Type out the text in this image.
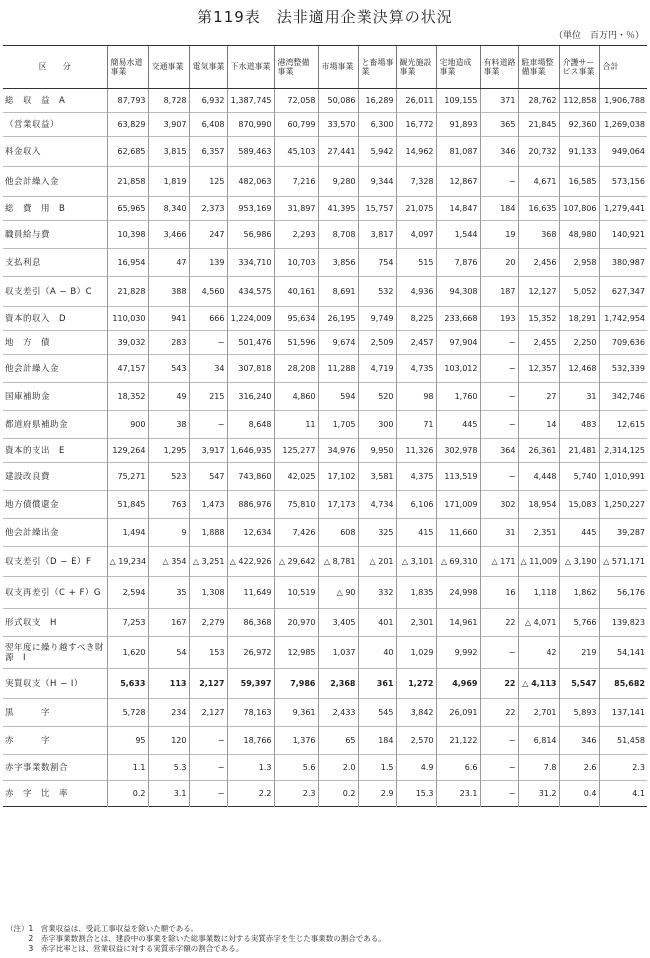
第119表　法非適用企業決算の状況
（単位　百万円・％）
区　　分	簡易水道事業	交通事業	電気事業	下水道事業	港湾整備事業	市場事業	と畜場事業	観光施設事業	宅地造成事業	有料道路事業	駐車場整備事業	介護サービス事業	合計
総　収　益　A	87,793	8,728	6,932	1,387,745	72,058	50,086	16,289	26,011	109,155	371	28,762	112,858	1,906,788
（営業収益）	63,829	3,907	6,408	870,990	60,799	33,570	6,300	16,772	91,893	365	21,845	92,360	1,269,038
料金収入	62,685	3,815	6,357	589,463	45,103	27,441	5,942	14,962	81,087	346	20,732	91,133	949,064
他会計繰入金	21,858	1,819	125	482,063	7,216	9,280	9,344	7,328	12,867	−	4,671	16,585	573,156
総　費　用　B	65,965	8,340	2,373	953,169	31,897	41,395	15,757	21,075	14,847	184	16,635	107,806	1,279,441
職員給与費	10,398	3,466	247	56,986	2,293	8,708	3,817	4,097	1,544	19	368	48,980	140,921
支払利息	16,954	47	139	334,710	10,703	3,856	754	515	7,876	20	2,456	2,958	380,987
収支差引（A − B）C	21,828	388	4,560	434,575	40,161	8,691	532	4,936	94,308	187	12,127	5,052	627,347
資本的収入　D	110,030	941	666	1,224,009	95,634	26,195	9,749	8,225	233,668	193	15,352	18,291	1,742,954
地　方　債	39,032	283	−	501,476	51,596	9,674	2,509	2,457	97,904	−	2,455	2,250	709,636
他会計繰入金	47,157	543	34	307,818	28,208	11,288	4,719	4,735	103,012	−	12,357	12,468	532,339
国庫補助金	18,352	49	215	316,240	4,860	594	520	98	1,760	−	27	31	342,746
都道府県補助金	900	38	−	8,648	11	1,705	300	71	445	−	14	483	12,615
資本的支出　E	129,264	1,295	3,917	1,646,935	125,277	34,976	9,950	11,326	302,978	364	26,361	21,481	2,314,125
建設改良費	75,271	523	547	743,860	42,025	17,102	3,581	4,375	113,519	−	4,448	5,740	1,010,991
地方債償還金	51,845	763	1,473	886,976	75,810	17,173	4,734	6,106	171,009	302	18,954	15,083	1,250,227
他会計繰出金	1,494	9	1,888	12,634	7,426	608	325	415	11,660	31	2,351	445	39,287
収支差引（D − E）F	△ 19,234	△ 354	△ 3,251	△ 422,926	△ 29,642	△ 8,781	△ 201	△ 3,101	△ 69,310	△ 171	△ 11,009	△ 3,190	△ 571,171
収支再差引（C + F）G	2,594	35	1,308	11,649	10,519	△ 90	332	1,835	24,998	16	1,118	1,862	56,176
形式収支　H	7,253	167	2,279	86,368	20,970	3,405	401	2,301	14,961	22	△ 4,071	5,766	139,823
翌年度に繰り越すべき財源　I	1,620	54	153	26,972	12,985	1,037	40	1,029	9,992	−	42	219	54,141
実質収支（H − I）	5,633	113	2,127	59,397	7,986	2,368	361	1,272	4,969	22	△ 4,113	5,547	85,682
黒　　　字	5,728	234	2,127	78,163	9,361	2,433	545	3,842	26,091	22	2,701	5,893	137,141
赤　　　字	95	120	−	18,766	1,376	65	184	2,570	21,122	−	6,814	346	51,458
赤字事業数割合	1.1	5.3	−	1.3	5.6	2.0	1.5	4.9	6.6	−	7.8	2.6	2.3
赤　字　比　率	0.2	3.1	−	2.2	2.3	0.2	2.9	15.3	23.1	−	31.2	0.4	4.1
（注）1　営業収益は、受託工事収益を除いた額である。
　　　2　赤字事業数割合とは、建設中の事業を除いた総事業数に対する実質赤字を生じた事業数の割合である。
　　　3　赤字比率とは、営業収益に対する実質赤字額の割合である。
